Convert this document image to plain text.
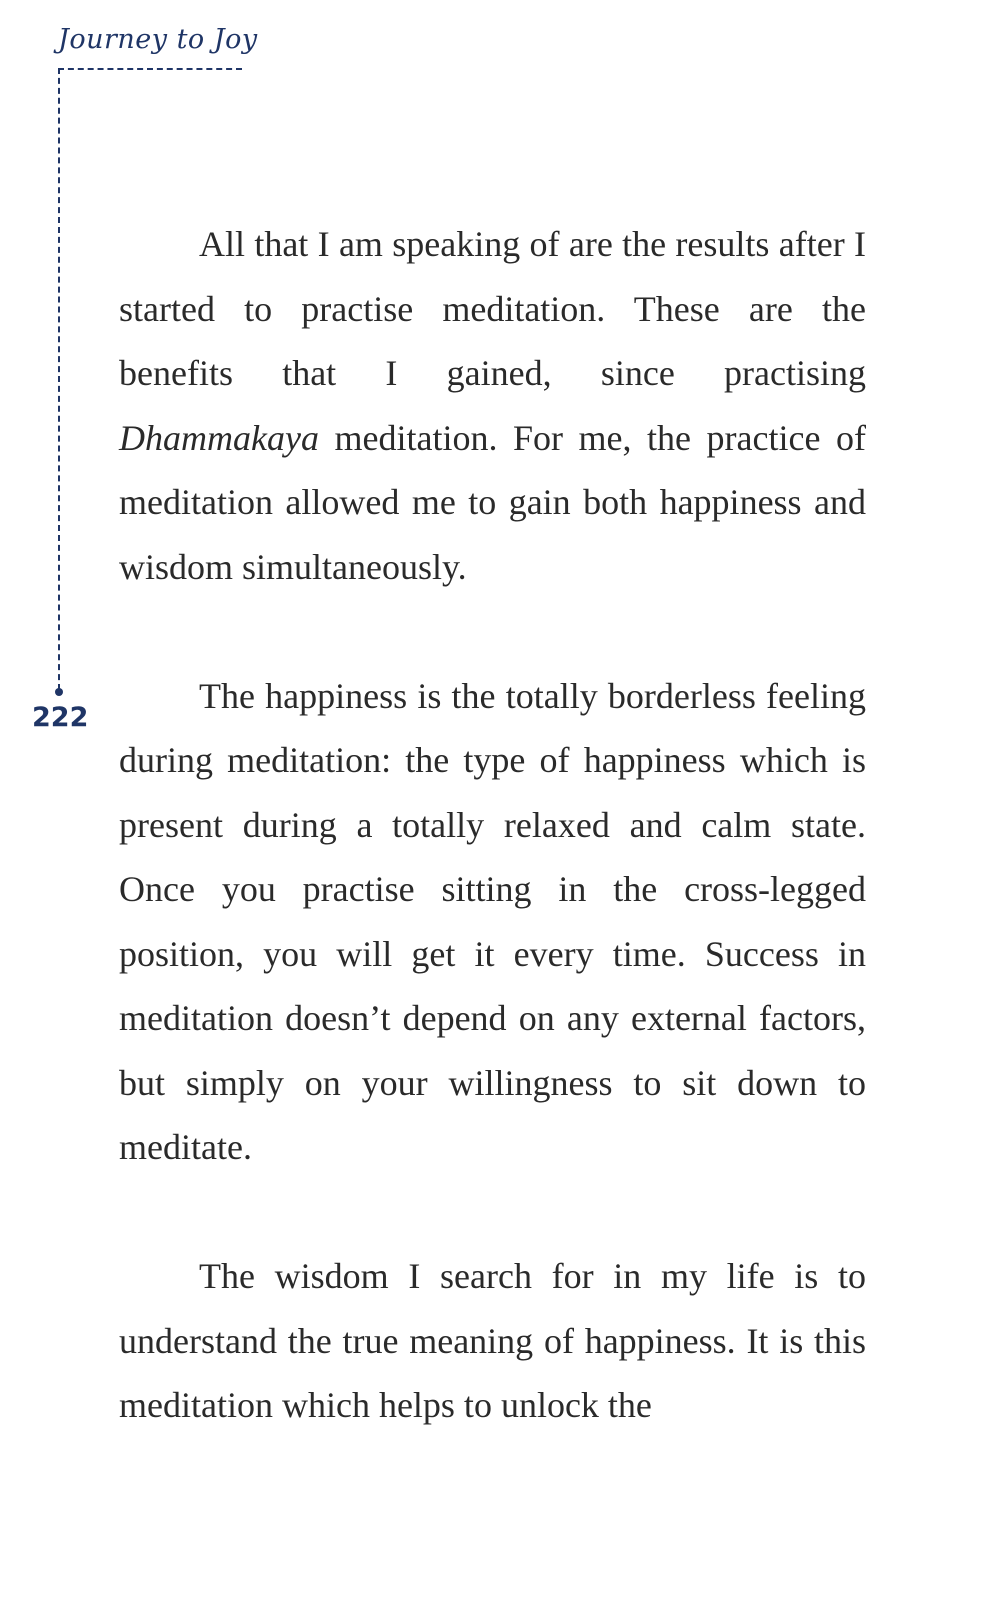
Journey to Joy
222

All that I am speaking of are the results after I started to practise meditation. These are the benefits that I gained, since practising Dhammakaya meditation. For me, the practice of meditation allowed me to gain both happiness and wisdom simultaneously.

The happiness is the totally borderless feeling during meditation: the type of happiness which is present during a totally relaxed and calm state. Once you practise sitting in the cross-legged position, you will get it every time. Success in meditation doesn’t depend on any external factors, but simply on your willingness to sit down to meditate.

The wisdom I search for in my life is to understand the true meaning of happiness. It is this meditation which helps to unlock the
